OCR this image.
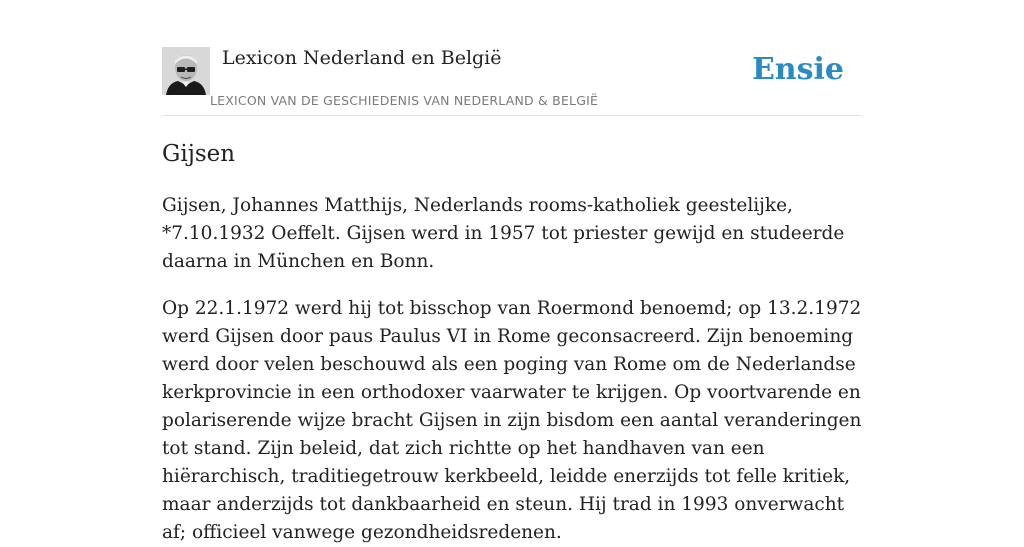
Lexicon Nederland en België
LEXICON VAN DE GESCHIEDENIS VAN NEDERLAND & BELGIË
Ensie
Gijsen

Gijsen, Johannes Matthijs, Nederlands rooms-katholiek geestelijke, *7.10.1932 Oeffelt. Gijsen werd in 1957 tot priester gewijd en studeerde daarna in München en Bonn.

Op 22.1.1972 werd hij tot bisschop van Roermond benoemd; op 13.2.1972 werd Gijsen door paus Paulus VI in Rome geconsacreerd. Zijn benoeming werd door velen beschouwd als een poging van Rome om de Nederlandse kerkprovincie in een orthodoxer vaarwater te krijgen. Op voortvarende en polariserende wijze bracht Gijsen in zijn bisdom een aantal veranderingen tot stand. Zijn beleid, dat zich richtte op het handhaven van een hiërarchisch, traditiegetrouw kerkbeeld, leidde enerzijds tot felle kritiek, maar anderzijds tot dankbaarheid en steun. Hij trad in 1993 onverwacht af; officieel vanwege gezondheidsredenen.
